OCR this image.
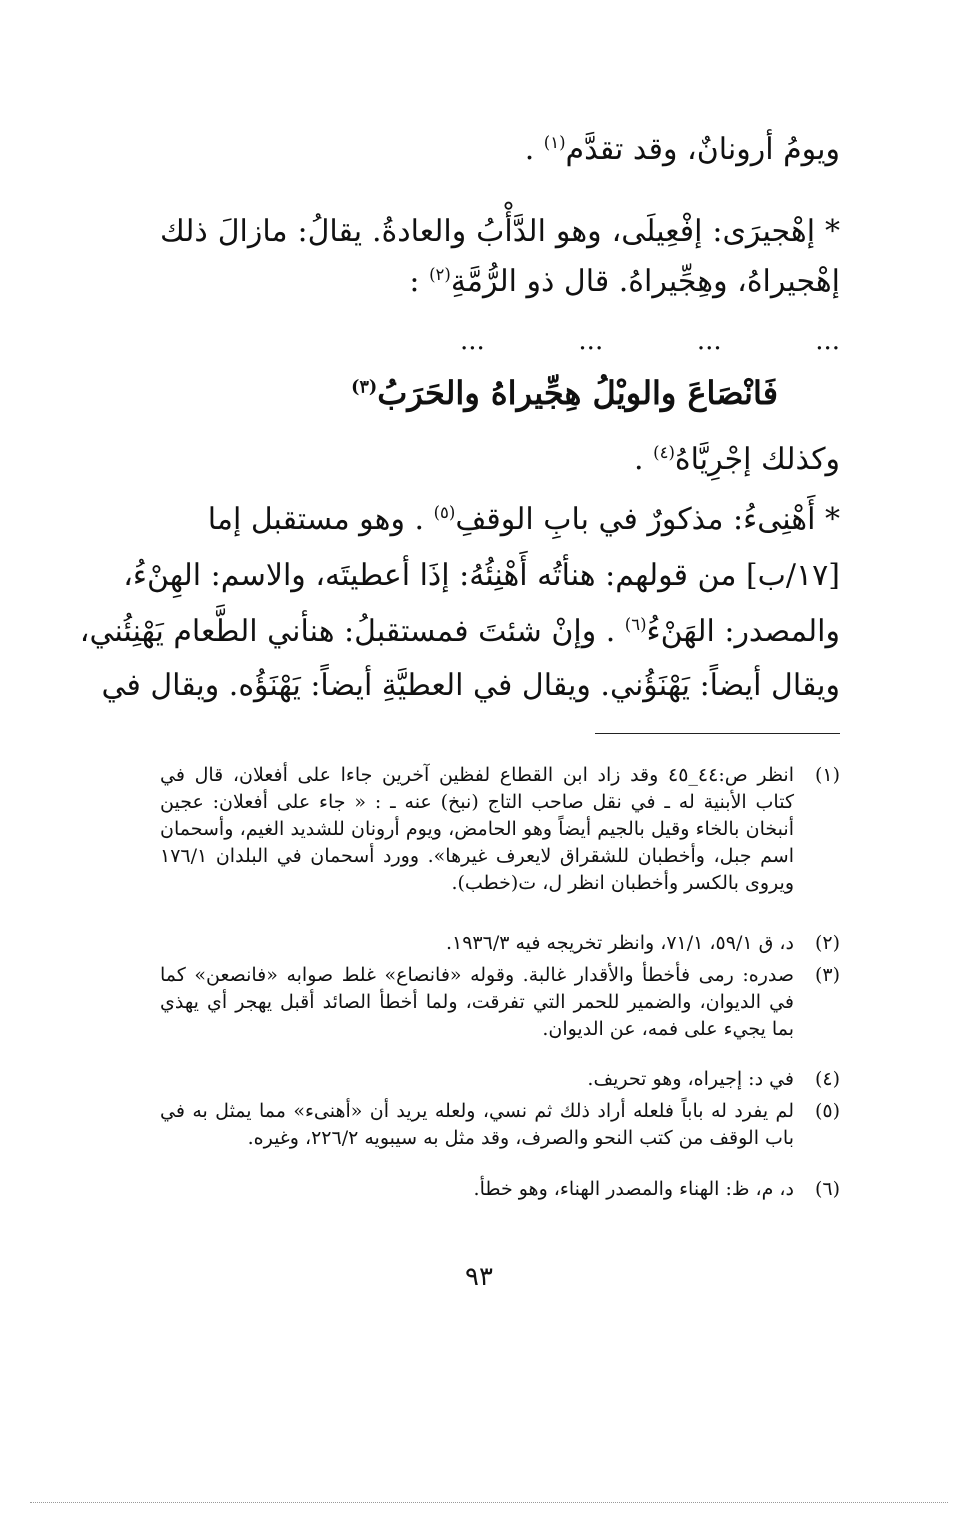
ويومُ أرونانٌ، وقد تقدَّم$^{(١)}$ .
* إهْجيرَى: إفْعِيلَى، وهو الدَّأْبُ والعادةُ. يقالُ: مازالَ ذلك
إهْجيراهُ، وهِجِّيراهُ. قال ذو الرُّمَّةِ$^{(٢)}$ :
...
...
...
...
فَانْصَاعَ والويْلُ هِجِّيراهُ والحَرَبُ$^{(٣)}$
وكذلك إجْرِيَّاهُ$^{(٤)}$ .
* أَهْنِىءُ: مذكورٌ في بابِ الوقفِ$^{(٥)}$ . وهو مستقبل إما
[١٧/ب] من قولهم: هنأتُه أَهْنِئُهُ: إذَا أعطيتَه، والاسم: الهِنْءُ،
والمصدر: الهَنْءُ$^{(٦)}$ . وإنْ شئتَ فمستقبلُ: هنأني الطَّعام يَهْنِئُني،
ويقال أيضاً: يَهْنَؤُني. ويقال في العطيَّةِ أيضاً: يَهْنَؤُه. ويقال في
(١)
انظر ص:٤٤_٤٥ وقد زاد ابن القطاع لفظين آخرين جاءا على أفعلان، قال في كتاب الأبنية له ـ في نقل صاحب التاج (نبخ) عنه ـ : « جاء على أفعلان: عجين أنبخان بالخاء وقيل بالجيم أيضاً وهو الحامض، ويوم أرونان للشديد الغيم، وأسحمان اسم جبل، وأخطبان للشقراق لايعرف غيرها». وورد أسحمان في البلدان ١٧٦/١ ويروى بالكسر وأخطبان انظر ل، ت(خطب).
(٢)
د، ق ٥٩/١، ٧١/١، وانظر تخريجه فيه ١٩٣٦/٣.
(٣)
صدره: رمى فأخطأ والأقدار غالبة. وقوله «فانصاع» غلط صوابه «فانصعن» كما في الديوان، والضمير للحمر التي تفرقت، ولما أخطأ الصائد أقبل يهجر أي يهذي بما يجيء على فمه، عن الديوان.
(٤)
في د: إجيراه، وهو تحريف.
(٥)
لم يفرد له باباً فلعله أراد ذلك ثم نسي، ولعله يريد أن «أهنىء» مما يمثل به في باب الوقف من كتب النحو والصرف، وقد مثل به سيبويه ٢٢٦/٢، وغيره.
(٦)
د، م، ظ: الهناء والمصدر الهناء، وهو خطأ.
٩٣
